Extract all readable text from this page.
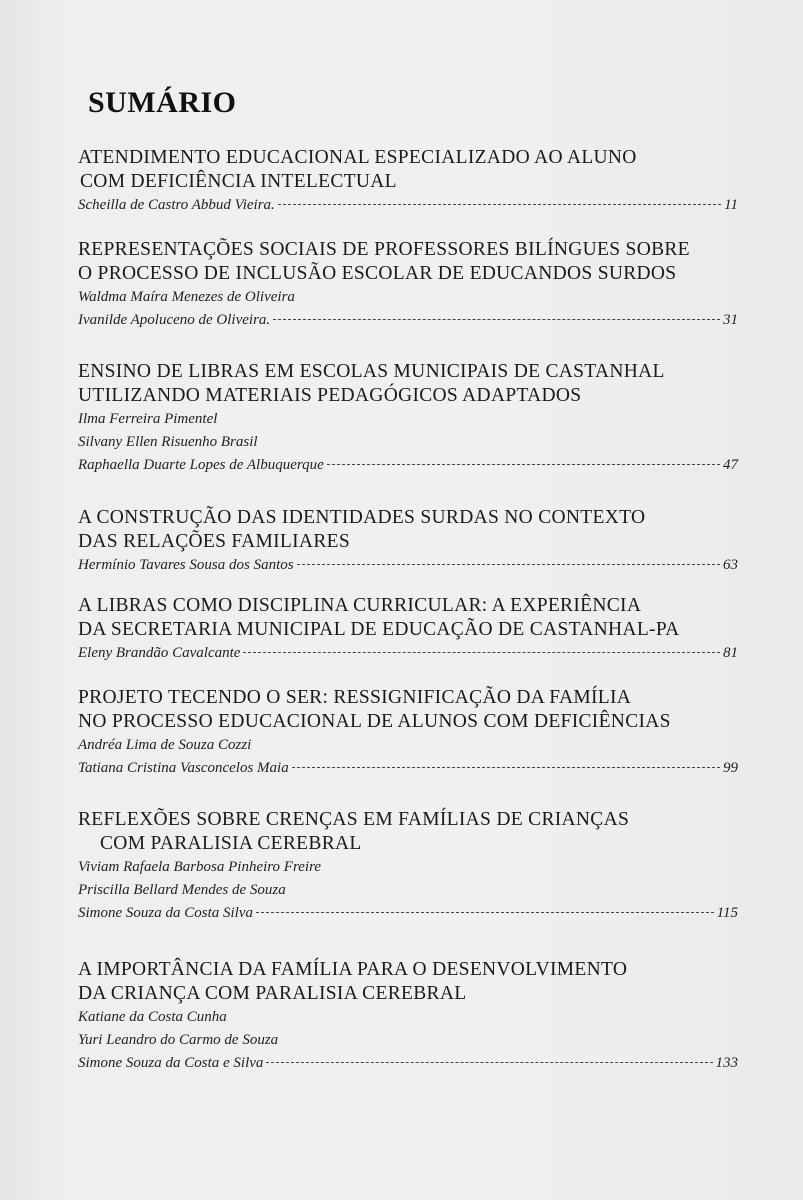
SUMÁRIO
ATENDIMENTO EDUCACIONAL ESPECIALIZADO AO ALUNO
COM DEFICIÊNCIA INTELECTUAL
Scheilla de Castro Abbud Vieira.	11
REPRESENTAÇÕES SOCIAIS DE PROFESSORES BILÍNGUES SOBRE
O PROCESSO DE INCLUSÃO ESCOLAR DE EDUCANDOS SURDOS
Waldma Maíra Menezes de Oliveira
Ivanilde Apoluceno de Oliveira.	31
ENSINO DE LIBRAS EM ESCOLAS MUNICIPAIS DE CASTANHAL
UTILIZANDO MATERIAIS PEDAGÓGICOS ADAPTADOS
Ilma Ferreira Pimentel
Silvany Ellen Risuenho Brasil
Raphaella Duarte Lopes de Albuquerque	47
A CONSTRUÇÃO DAS IDENTIDADES SURDAS NO CONTEXTO
DAS RELAÇÕES FAMILIARES
Hermínio Tavares Sousa dos Santos	63
A LIBRAS COMO DISCIPLINA CURRICULAR: A EXPERIÊNCIA
DA SECRETARIA MUNICIPAL DE EDUCAÇÃO DE CASTANHAL-PA
Eleny Brandão Cavalcante	81
PROJETO TECENDO O SER: RESSIGNIFICAÇÃO DA FAMÍLIA
NO PROCESSO EDUCACIONAL DE ALUNOS COM DEFICIÊNCIAS
Andréa Lima de Souza Cozzi
Tatiana Cristina Vasconcelos Maia	99
REFLEXÕES SOBRE CRENÇAS EM FAMÍLIAS DE CRIANÇAS
COM PARALISIA CEREBRAL
Viviam Rafaela Barbosa Pinheiro Freire
Priscilla Bellard Mendes de Souza
Simone Souza da Costa Silva	115
A IMPORTÂNCIA DA FAMÍLIA PARA O DESENVOLVIMENTO
DA CRIANÇA COM PARALISIA CEREBRAL
Katiane da Costa Cunha
Yuri Leandro do Carmo de Souza
Simone Souza da Costa e Silva	133
